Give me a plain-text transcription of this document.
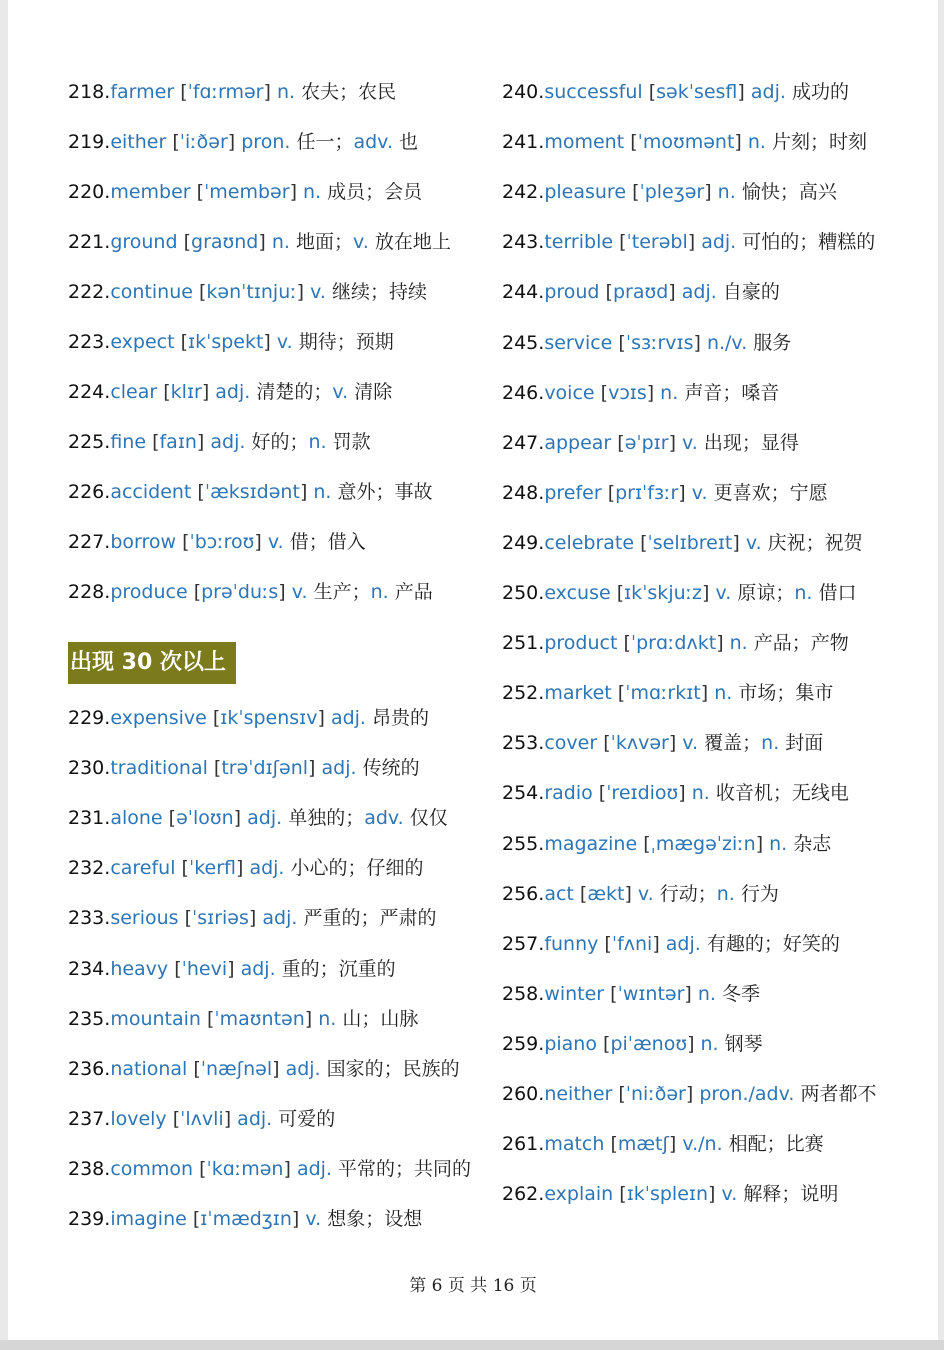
218.farmer [ˈfɑːrmər] n. 农夫；农民
219.either [ˈiːðər] pron. 任一；adv. 也
220.member [ˈmembər] n. 成员；会员
221.ground [graʊnd] n. 地面；v. 放在地上
222.continue [kənˈtɪnjuː] v. 继续；持续
223.expect [ɪkˈspekt] v. 期待；预期
224.clear [klɪr] adj. 清楚的；v. 清除
225.fine [faɪn] adj. 好的；n. 罚款
226.accident [ˈæksɪdənt] n. 意外；事故
227.borrow [ˈbɔːroʊ] v. 借；借入
228.produce [prəˈduːs] v. 生产；n. 产品
229.expensive [ɪkˈspensɪv] adj. 昂贵的
230.traditional [trəˈdɪʃənl] adj. 传统的
231.alone [əˈloʊn] adj. 单独的；adv. 仅仅
232.careful [ˈkerfl] adj. 小心的；仔细的
233.serious [ˈsɪriəs] adj. 严重的；严肃的
234.heavy [ˈhevi] adj. 重的；沉重的
235.mountain [ˈmaʊntən] n. 山；山脉
236.national [ˈnæʃnəl] adj. 国家的；民族的
237.lovely [ˈlʌvli] adj. 可爱的
238.common [ˈkɑːmən] adj. 平常的；共同的
239.imagine [ɪˈmædʒɪn] v. 想象；设想
240.successful [səkˈsesfl] adj. 成功的
241.moment [ˈmoʊmənt] n. 片刻；时刻
242.pleasure [ˈpleʒər] n. 愉快；高兴
243.terrible [ˈterəbl] adj. 可怕的；糟糕的
244.proud [praʊd] adj. 自豪的
245.service [ˈsɜːrvɪs] n./v. 服务
246.voice [vɔɪs] n. 声音；嗓音
247.appear [əˈpɪr] v. 出现；显得
248.prefer [prɪˈfɜːr] v. 更喜欢；宁愿
249.celebrate [ˈselɪbreɪt] v. 庆祝；祝贺
250.excuse [ɪkˈskjuːz] v. 原谅；n. 借口
251.product [ˈprɑːdʌkt] n. 产品；产物
252.market [ˈmɑːrkɪt] n. 市场；集市
253.cover [ˈkʌvər] v. 覆盖；n. 封面
254.radio [ˈreɪdioʊ] n. 收音机；无线电
255.magazine [ˌmægəˈziːn] n. 杂志
256.act [ækt] v. 行动；n. 行为
257.funny [ˈfʌni] adj. 有趣的；好笑的
258.winter [ˈwɪntər] n. 冬季
259.piano [piˈænoʊ] n. 钢琴
260.neither [ˈniːðər] pron./adv. 两者都不
261.match [mætʃ] v./n. 相配；比赛
262.explain [ɪkˈspleɪn] v. 解释；说明
出现 30 次以上
第 6 页 共 16 页
